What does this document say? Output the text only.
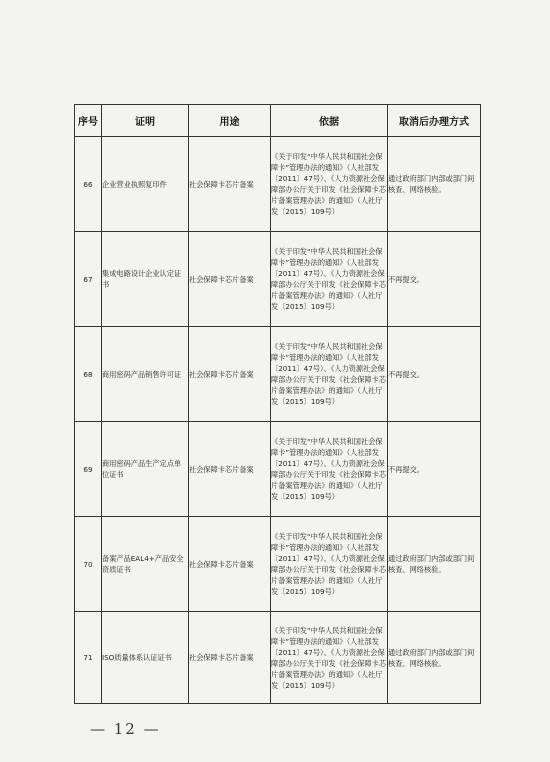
序号	证明	用途	依据	取消后办理方式
66	企业营业执照复印件	社会保障卡芯片备案	《关于印发“中华人民共和国社会保障卡”管理办法的通知》（人社部发〔2011〕47号）、《人力资源社会保障部办公厅关于印发《社会保障卡芯片备案管理办法》的通知》（人社厅发〔2015〕109号）	通过政府部门内部或部门间核查、网络核验。
67	集成电路设计企业认定证书	社会保障卡芯片备案	《关于印发“中华人民共和国社会保障卡”管理办法的通知》（人社部发〔2011〕47号）、《人力资源社会保障部办公厅关于印发《社会保障卡芯片备案管理办法》的通知》（人社厅发〔2015〕109号）	不再提交。
68	商用密码产品销售许可证	社会保障卡芯片备案	《关于印发“中华人民共和国社会保障卡”管理办法的通知》（人社部发〔2011〕47号）、《人力资源社会保障部办公厅关于印发《社会保障卡芯片备案管理办法》的通知》（人社厅发〔2015〕109号）	不再提交。
69	商用密码产品生产定点单位证书	社会保障卡芯片备案	《关于印发“中华人民共和国社会保障卡”管理办法的通知》（人社部发〔2011〕47号）、《人力资源社会保障部办公厅关于印发《社会保障卡芯片备案管理办法》的通知》（人社厅发〔2015〕109号）	不再提交。
70	备案产品EAL4+产品安全资质证书	社会保障卡芯片备案	《关于印发“中华人民共和国社会保障卡”管理办法的通知》（人社部发〔2011〕47号）、《人力资源社会保障部办公厅关于印发《社会保障卡芯片备案管理办法》的通知》（人社厅发〔2015〕109号）	通过政府部门内部或部门间核查、网络核验。
71	ISO质量体系认证证书	社会保障卡芯片备案	《关于印发“中华人民共和国社会保障卡”管理办法的通知》（人社部发〔2011〕47号）、《人力资源社会保障部办公厅关于印发《社会保障卡芯片备案管理办法》的通知》（人社厅发〔2015〕109号）	通过政府部门内部或部门间核查、网络核验。
— 12 —
